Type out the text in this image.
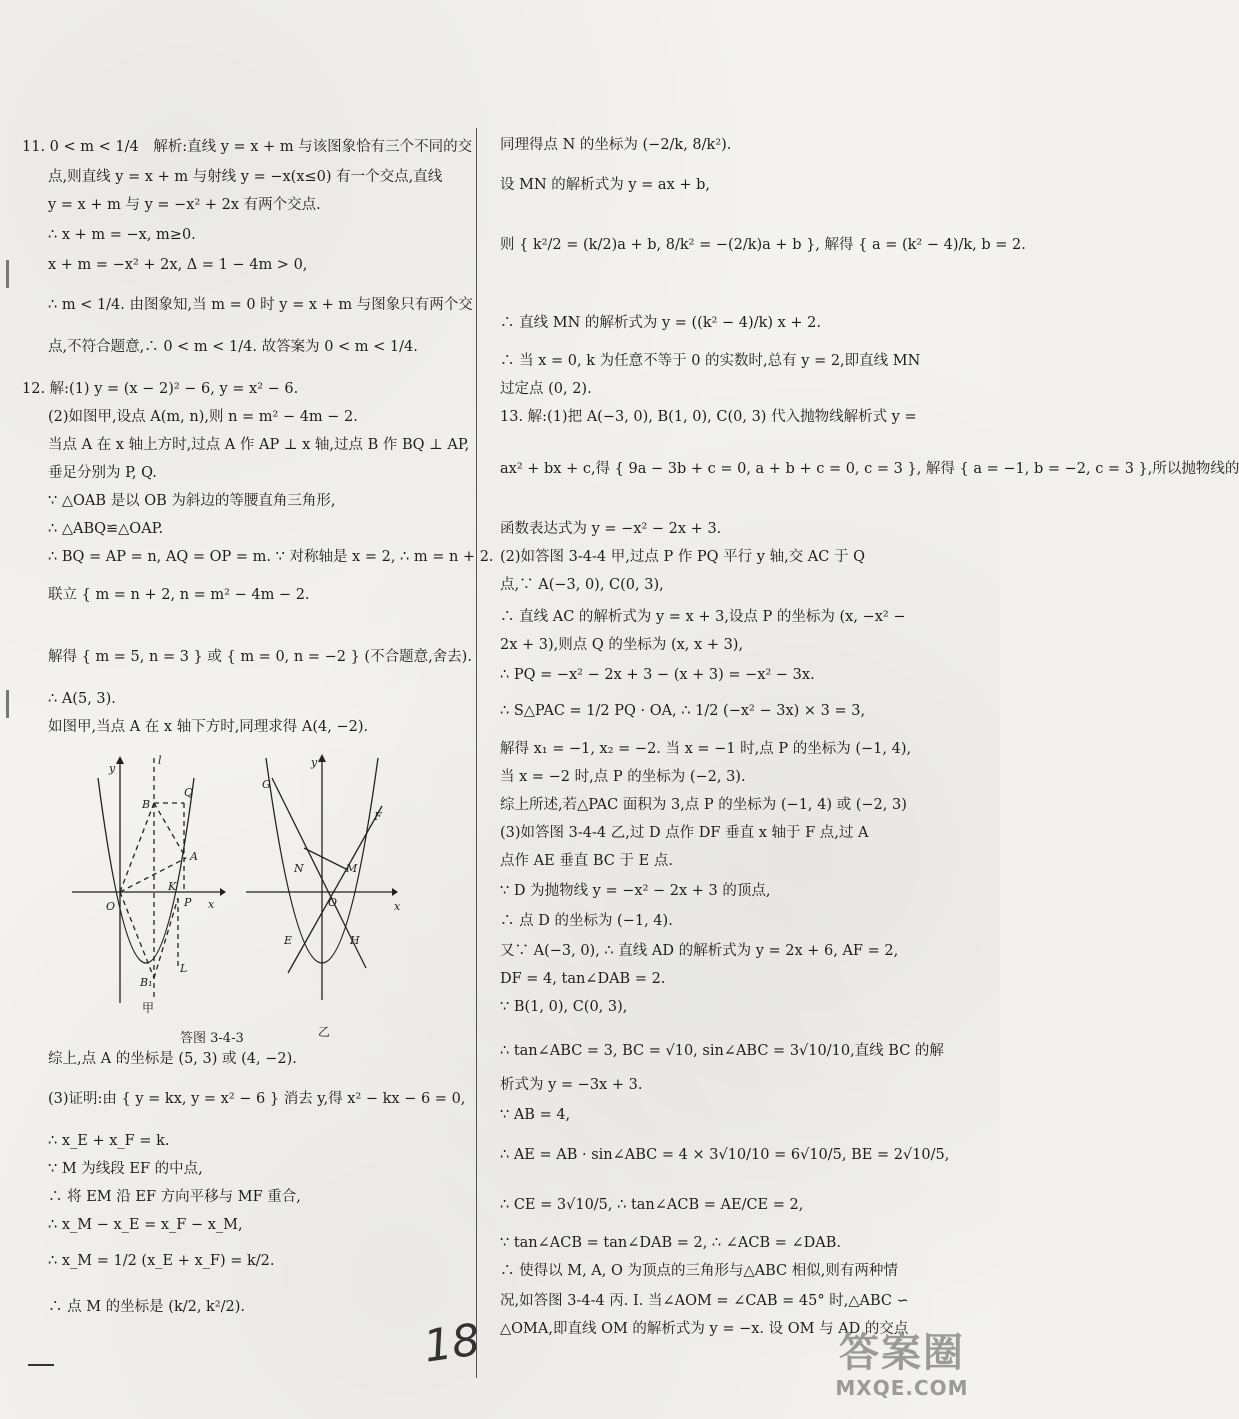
11. 0 < m < 1/4　解析:直线 y = x + m 与该图象恰有三个不同的交
点,则直线 y = x + m 与射线 y = −x(x≤0) 有一个交点,直线
y = x + m 与 y = −x² + 2x 有两个交点.
∴ x + m = −x, m≥0.
x + m = −x² + 2x, Δ = 1 − 4m > 0,
∴ m < 1/4. 由图象知,当 m = 0 时 y = x + m 与图象只有两个交
点,不符合题意,∴ 0 < m < 1/4. 故答案为 0 < m < 1/4.
12. 解:(1) y = (x − 2)² − 6, y = x² − 6.
(2)如图甲,设点 A(m, n),则 n = m² − 4m − 2.
当点 A 在 x 轴上方时,过点 A 作 AP ⊥ x 轴,过点 B 作 BQ ⊥ AP,
垂足分别为 P, Q.
∵ △OAB 是以 OB 为斜边的等腰直角三角形,
∴ △ABQ≌△OAP.
∴ BQ = AP = n, AQ = OP = m. ∵ 对称轴是 x = 2, ∴ m = n + 2.
联立 { m = n + 2, n = m² − 4m − 2.
解得 { m = 5, n = 3 } 或 { m = 0, n = −2 } (不合题意,舍去).
∴ A(5, 3).
如图甲,当点 A 在 x 轴下方时,同理求得 A(4, −2).
综上,点 A 的坐标是 (5, 3) 或 (4, −2).
(3)证明:由 { y = kx, y = x² − 6 } 消去 y,得 x² − kx − 6 = 0,
∴ x_E + x_F = k.
∵ M 为线段 EF 的中点,
∴ 将 EM 沿 EF 方向平移与 MF 重合,
∴ x_M − x_E = x_F − x_M,
∴ x_M = 1/2 (x_E + x_F) = k/2.
∴ 点 M 的坐标是 (k/2, k²/2).
y
l
B
Q
A
K
O	P x
B₁
L
y
G
F
N	M
O	x
E	H
甲
乙
答图 3-4-3
同理得点 N 的坐标为 (−2/k, 8/k²).
设 MN 的解析式为 y = ax + b,
则 { k²/2 = (k/2)a + b, 8/k² = −(2/k)a + b }, 解得 { a = (k² − 4)/k, b = 2.
∴ 直线 MN 的解析式为 y = ((k² − 4)/k) x + 2.
∴ 当 x = 0, k 为任意不等于 0 的实数时,总有 y = 2,即直线 MN
过定点 (0, 2).
13. 解:(1)把 A(−3, 0), B(1, 0), C(0, 3) 代入抛物线解析式 y =
ax² + bx + c,得 { 9a − 3b + c = 0, a + b + c = 0, c = 3 }, 解得 { a = −1, b = −2, c = 3 },所以抛物线的
函数表达式为 y = −x² − 2x + 3.
(2)如答图 3-4-4 甲,过点 P 作 PQ 平行 y 轴,交 AC 于 Q
点,∵ A(−3, 0), C(0, 3),
∴ 直线 AC 的解析式为 y = x + 3,设点 P 的坐标为 (x, −x² −
2x + 3),则点 Q 的坐标为 (x, x + 3),
∴ PQ = −x² − 2x + 3 − (x + 3) = −x² − 3x.
∴ S△PAC = 1/2 PQ · OA, ∴ 1/2 (−x² − 3x) × 3 = 3,
解得 x₁ = −1, x₂ = −2. 当 x = −1 时,点 P 的坐标为 (−1, 4),
当 x = −2 时,点 P 的坐标为 (−2, 3).
综上所述,若△PAC 面积为 3,点 P 的坐标为 (−1, 4) 或 (−2, 3)
(3)如答图 3-4-4 乙,过 D 点作 DF 垂直 x 轴于 F 点,过 A
点作 AE 垂直 BC 于 E 点.
∵ D 为抛物线 y = −x² − 2x + 3 的顶点,
∴ 点 D 的坐标为 (−1, 4).
又∵ A(−3, 0), ∴ 直线 AD 的解析式为 y = 2x + 6, AF = 2,
DF = 4, tan∠DAB = 2.
∵ B(1, 0), C(0, 3),
∴ tan∠ABC = 3, BC = √10, sin∠ABC = 3√10/10,直线 BC 的解
析式为 y = −3x + 3.
∵ AB = 4,
∴ AE = AB · sin∠ABC = 4 × 3√10/10 = 6√10/5, BE = 2√10/5,
∴ CE = 3√10/5, ∴ tan∠ACB = AE/CE = 2,
∵ tan∠ACB = tan∠DAB = 2, ∴ ∠ACB = ∠DAB.
∴ 使得以 M, A, O 为顶点的三角形与△ABC 相似,则有两种情
况,如答图 3-4-4 丙. Ⅰ. 当∠AOM = ∠CAB = 45° 时,△ABC ∽
△OMA,即直线 OM 的解析式为 y = −x. 设 OM 与 AD 的交点
18	答案圈
MXQE.COM
